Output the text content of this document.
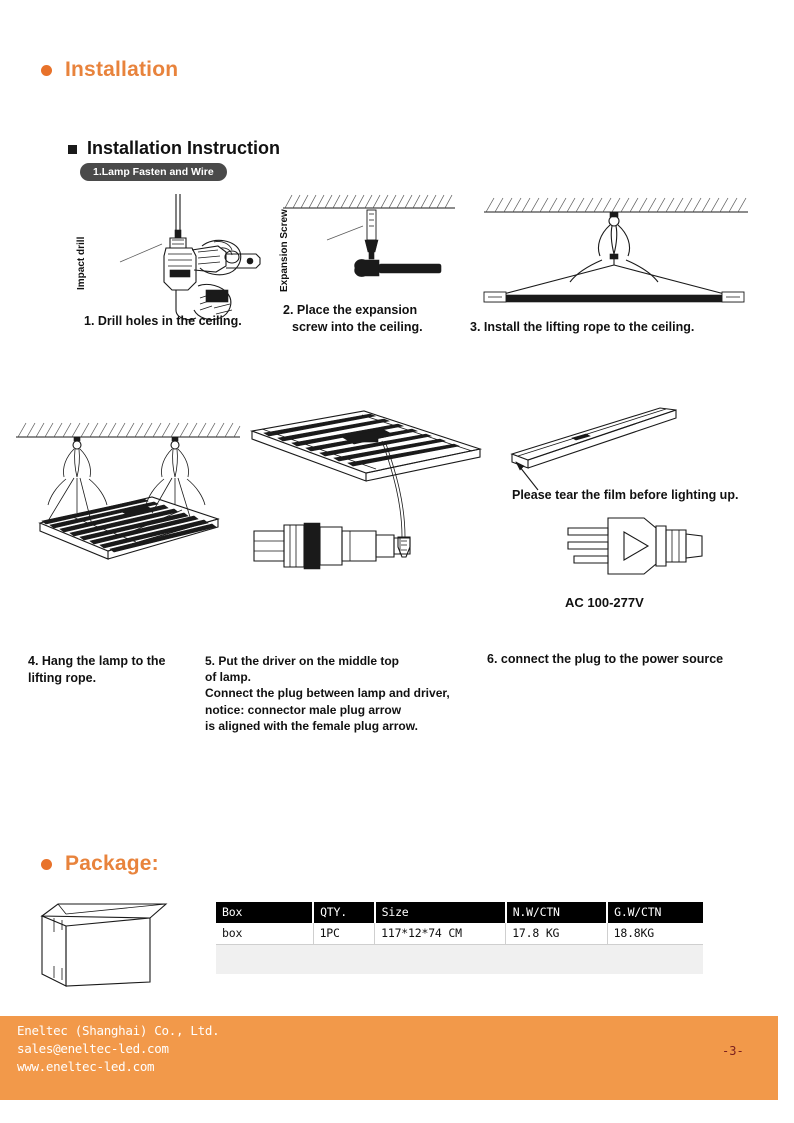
Installation
Installation Instruction
1.Lamp Fasten and Wire
Impact drill
1. Drill holes in the ceiling.
Expansion Screw
2. Place the expansion
screw into the ceiling.	3. Install the lifting rope to the ceiling.
4. Hang the lamp to the
lifting rope.
5. Put the driver on the middle top
of lamp.
Connect the plug between lamp and driver,
notice: connector male plug arrow
is aligned with the female plug arrow.
Please tear the film before lighting up.
AC 100-277V
6. connect the plug to the power source
Package:
Box	QTY.	Size	N.W/CTN	G.W/CTN
box	1PC	117*12*74 CM	17.8 KG	18.8KG

Eneltec (Shanghai) Co., Ltd.
sales@eneltec-led.com
www.eneltec-led.com
-3-
